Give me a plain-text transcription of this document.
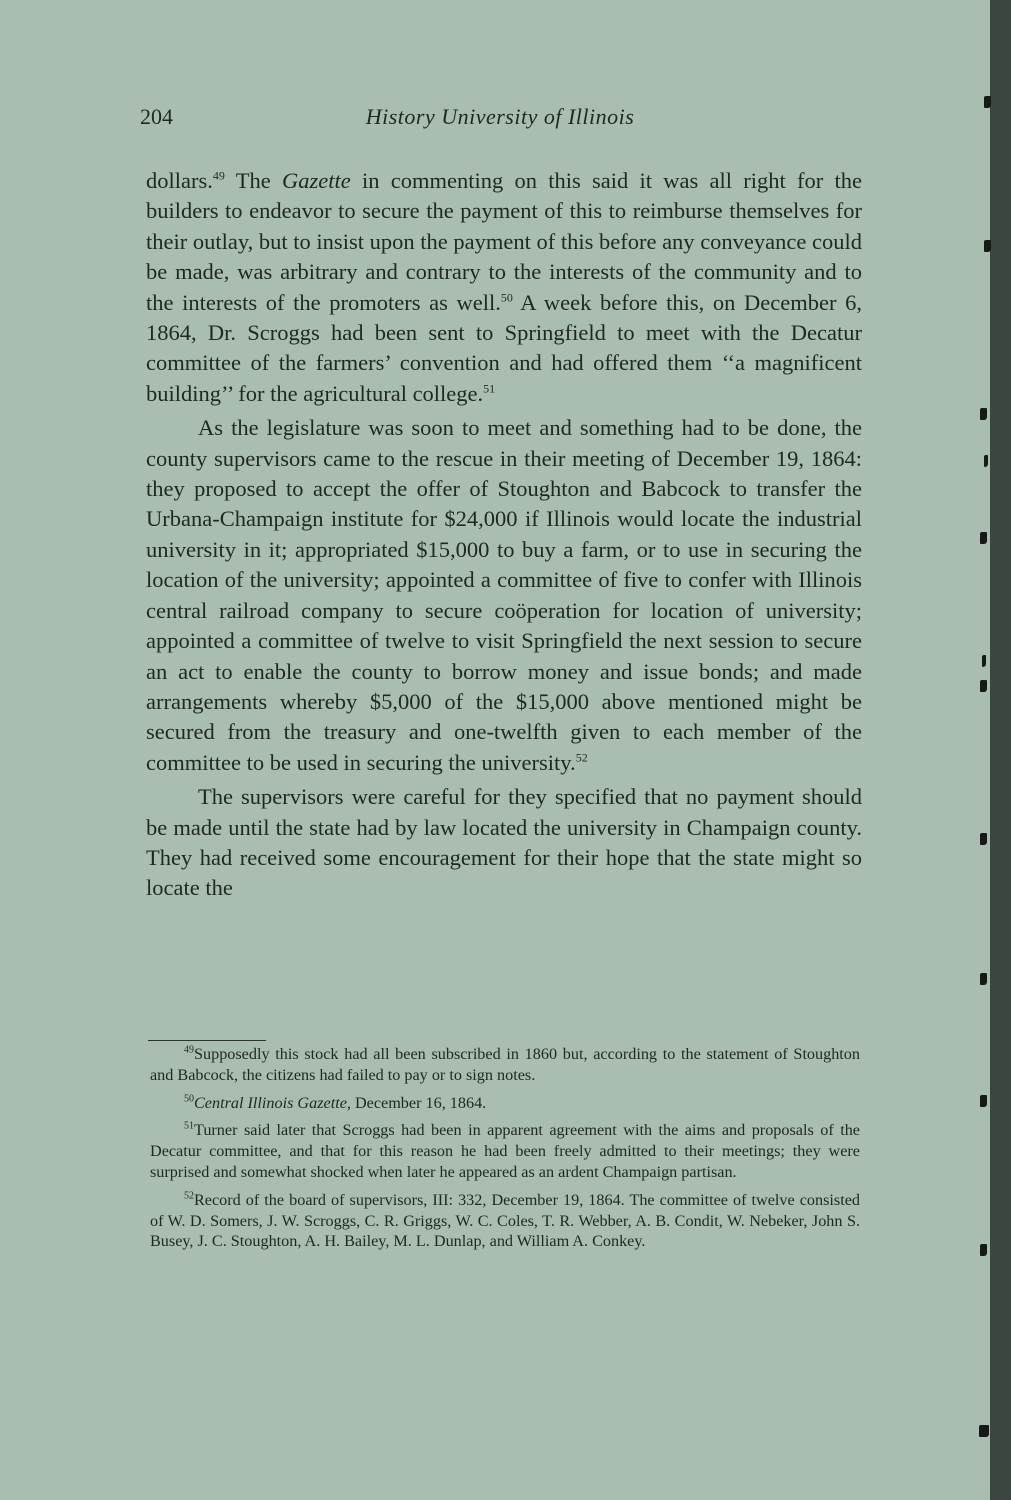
204	History University of Illinois

dollars.$^{49}$ The Gazette in commenting on this said it was all right for the builders to endeavor to secure the payment of this to reimburse themselves for their outlay, but to insist upon the payment of this before any conveyance could be made, was arbitrary and contrary to the interests of the community and to the interests of the promoters as well.$^{50}$ A week before this, on December 6, 1864, Dr. Scroggs had been sent to Springfield to meet with the Decatur committee of the farmers’ convention and had offered them ‘‘a magnificent building’’ for the agricultural college.$^{51}$

As the legislature was soon to meet and something had to be done, the county supervisors came to the rescue in their meeting of December 19, 1864: they proposed to accept the offer of Stoughton and Babcock to transfer the Urbana-Champaign institute for $24,000 if Illinois would locate the industrial university in it; appropriated $15,000 to buy a farm, or to use in securing the location of the university; appointed a committee of five to confer with Illinois central railroad company to secure coöperation for location of university; appointed a committee of twelve to visit Springfield the next session to secure an act to enable the county to borrow money and issue bonds; and made arrangements whereby $5,000 of the $15,000 above mentioned might be secured from the treasury and one-twelfth given to each member of the committee to be used in securing the university.$^{52}$

The supervisors were careful for they specified that no payment should be made until the state had by law located the university in Champaign county. They had received some encouragement for their hope that the state might so locate the

$^{49}$Supposedly this stock had all been subscribed in 1860 but, according to the statement of Stoughton and Babcock, the citizens had failed to pay or to sign notes.

$^{50}$Central Illinois Gazette, December 16, 1864.

$^{51}$Turner said later that Scroggs had been in apparent agreement with the aims and proposals of the Decatur committee, and that for this reason he had been freely admitted to their meetings; they were surprised and somewhat shocked when later he appeared as an ardent Champaign partisan.

$^{52}$Record of the board of supervisors, III: 332, December 19, 1864. The committee of twelve consisted of W. D. Somers, J. W. Scroggs, C. R. Griggs, W. C. Coles, T. R. Webber, A. B. Condit, W. Nebeker, John S. Busey, J. C. Stoughton, A. H. Bailey, M. L. Dunlap, and William A. Conkey.
